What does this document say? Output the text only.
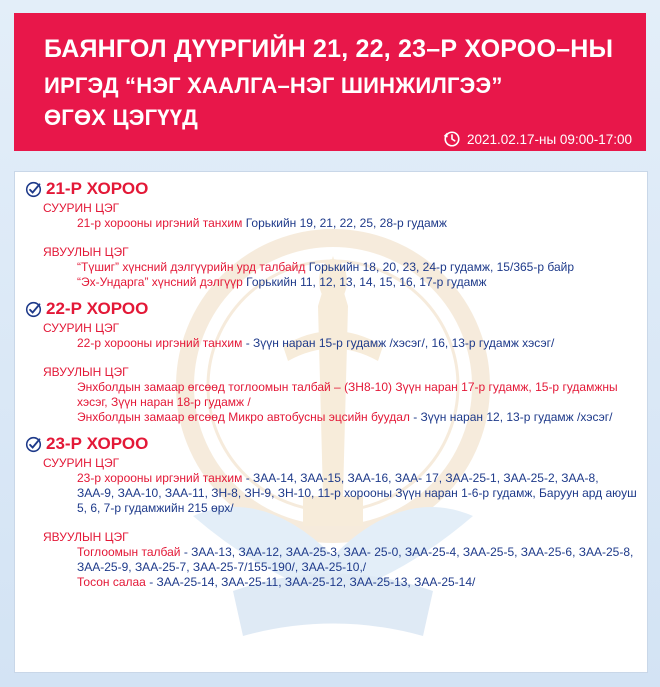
БАЯНГОЛ ДҮҮРГИЙН 21, 22, 23–Р ХОРОО–НЫ
ИРГЭД “НЭГ ХААЛГА–НЭГ ШИНЖИЛГЭЭ”
ӨГӨХ ЦЭГҮҮД
2021.02.17-ны 09:00-17:00
21-Р ХОРОО
СУУРИН ЦЭГ
21-р хорооны иргэний танхим Горькийн 19, 21, 22, 25, 28-р гудамж
ЯВУУЛЫН ЦЭГ
“Түшиг” хүнсний дэлгүүрийн урд талбайд Горькийн 18, 20, 23, 24-р гудамж, 15/365-р байр
“Эх-Ундарга” хүнсний дэлгүүр Горькийн 11, 12, 13, 14, 15, 16, 17-р гудамж
22-Р ХОРОО
СУУРИН ЦЭГ
22-р хорооны иргэний танхим - Зүүн наран 15-р гудамж /хэсэг/, 16, 13-р гудамж хэсэг/
ЯВУУЛЫН ЦЭГ
Энхболдын замаар өгсөөд тоглоомын талбай – (ЗН8-10) Зүүн наран 17-р гудамж, 15-р гудамжны хэсэг, Зүүн наран 18-р гудамж /
Энхболдын замаар өгсөөд Микро автобусны эцсийн буудал - Зүүн наран 12, 13-р гудамж /хэсэг/
23-Р ХОРОО
СУУРИН ЦЭГ
23-р хорооны иргэний танхим - ЗАА-14, ЗАА-15, ЗАА-16, ЗАА- 17, ЗАА-25-1, ЗАА-25-2, ЗАА-8, ЗАА-9, ЗАА-10, ЗАА-11, ЗН-8, ЗН-9, ЗН-10, 11-р хорооны Зүүн наран 1-6-р гудамж, Баруун ард аюуш 5, 6, 7-р гудамжийн 215 өрх/
ЯВУУЛЫН ЦЭГ
Тоглоомын талбай - ЗАА-13, ЗАА-12, ЗАА-25-3, ЗАА- 25-0, ЗАА-25-4, ЗАА-25-5, ЗАА-25-6, ЗАА-25-8, ЗАА-25-9, ЗАА-25-7, ЗАА-25-7/155-190/, ЗАА-25-10,/
Тосон салаа - ЗАА-25-14, ЗАА-25-11, ЗАА-25-12, ЗАА-25-13, ЗАА-25-14/
